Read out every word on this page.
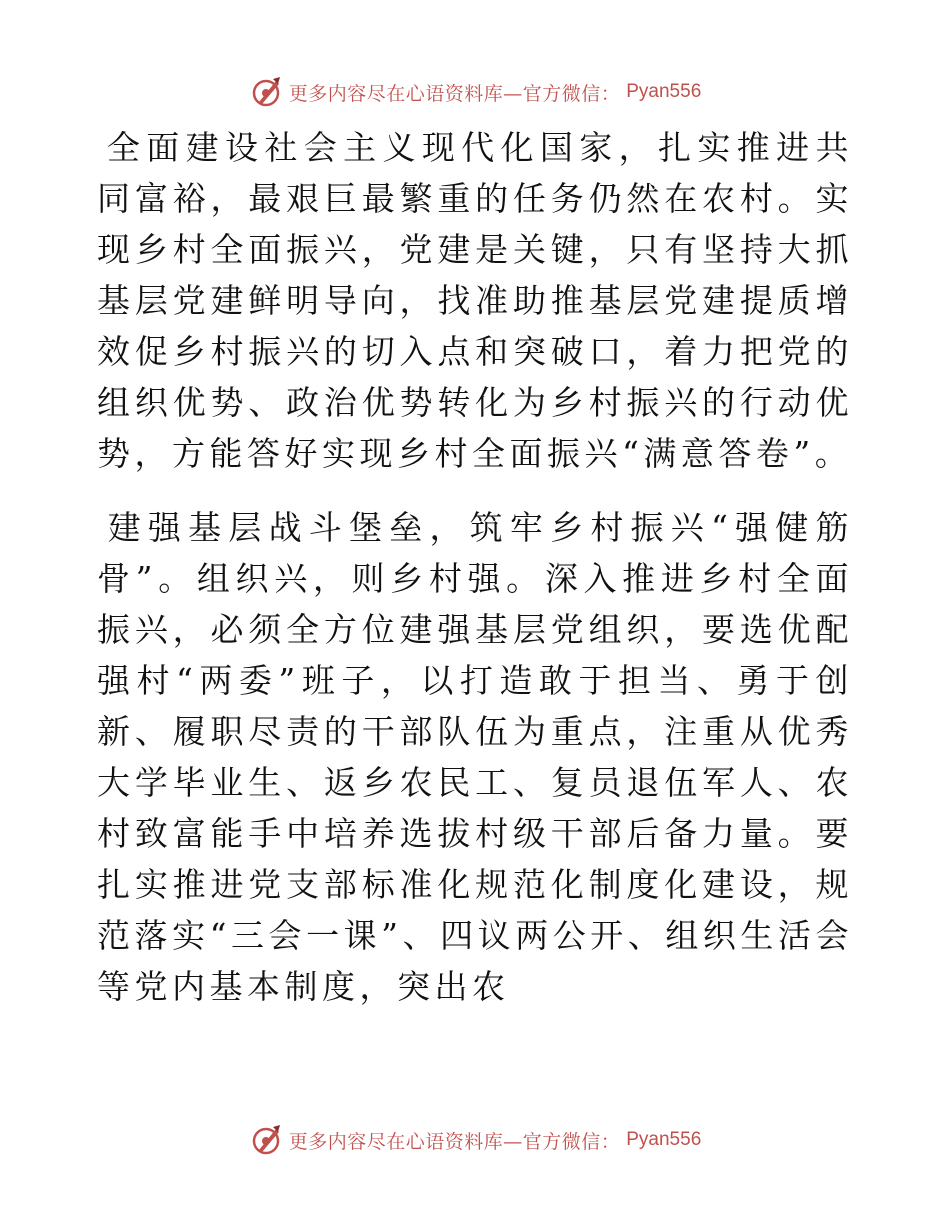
更多内容尽在心语资料库—官方微信： Pyan556

全面建设社会主义现代化国家，扎实推进共同富裕，最艰巨最繁重的任务仍然在农村。实现乡村全面振兴，党建是关键，只有坚持大抓基层党建鲜明导向，找准助推基层党建提质增效促乡村振兴的切入点和突破口，着力把党的组织优势、政治优势转化为乡村振兴的行动优势，方能答好实现乡村全面振兴“满意答卷”。

建强基层战斗堡垒，筑牢乡村振兴“强健筋骨”。组织兴，则乡村强。深入推进乡村全面振兴，必须全方位建强基层党组织，要选优配强村“两委”班子，以打造敢于担当、勇于创新、履职尽责的干部队伍为重点，注重从优秀大学毕业生、返乡农民工、复员退伍军人、农村致富能手中培养选拔村级干部后备力量。要扎实推进党支部标准化规范化制度化建设，规范落实“三会一课”、四议两公开、组织生活会等党内基本制度，突出农

更多内容尽在心语资料库—官方微信： Pyan556
